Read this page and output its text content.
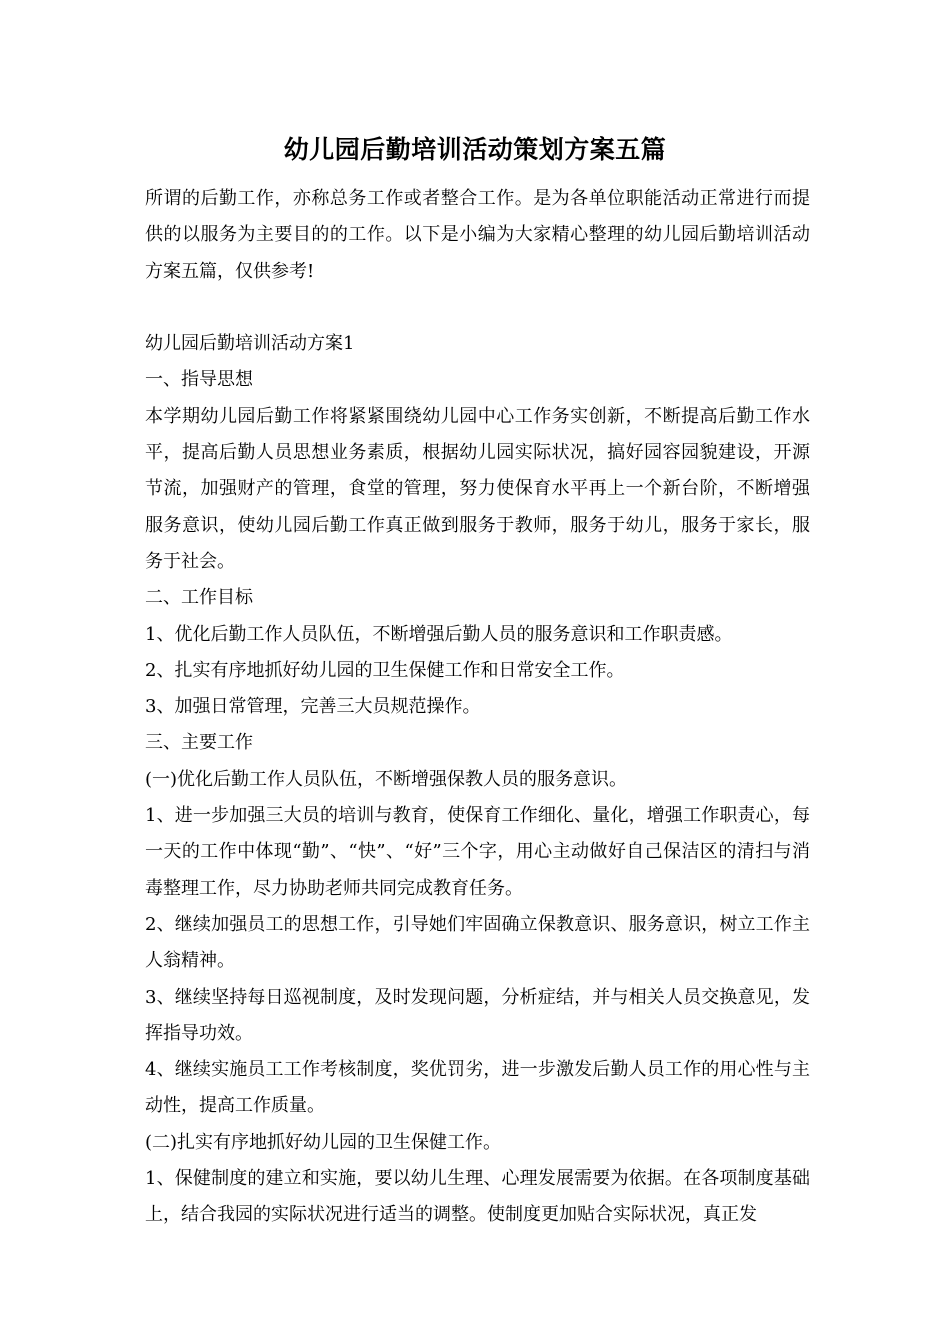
幼儿园后勤培训活动策划方案五篇

所谓的后勤工作，亦称总务工作或者整合工作。是为各单位职能活动正常进行而提供的以服务为主要目的的工作。以下是小编为大家精心整理的幼儿园后勤培训活动方案五篇，仅供参考!

幼儿园后勤培训活动方案1

一、指导思想

本学期幼儿园后勤工作将紧紧围绕幼儿园中心工作务实创新，不断提高后勤工作水平，提高后勤人员思想业务素质，根据幼儿园实际状况，搞好园容园貌建设，开源节流，加强财产的管理，食堂的管理，努力使保育水平再上一个新台阶，不断增强服务意识，使幼儿园后勤工作真正做到服务于教师，服务于幼儿，服务于家长，服务于社会。

二、工作目标

1、优化后勤工作人员队伍，不断增强后勤人员的服务意识和工作职责感。

2、扎实有序地抓好幼儿园的卫生保健工作和日常安全工作。

3、加强日常管理，完善三大员规范操作。

三、主要工作

(一)优化后勤工作人员队伍，不断增强保教人员的服务意识。

1、进一步加强三大员的培训与教育，使保育工作细化、量化，增强工作职责心，每一天的工作中体现“勤”、“快”、“好”三个字，用心主动做好自己保洁区的清扫与消毒整理工作，尽力协助老师共同完成教育任务。

2、继续加强员工的思想工作，引导她们牢固确立保教意识、服务意识，树立工作主人翁精神。

3、继续坚持每日巡视制度，及时发现问题，分析症结，并与相关人员交换意见，发挥指导功效。

4、继续实施员工工作考核制度，奖优罚劣，进一步激发后勤人员工作的用心性与主动性，提高工作质量。

(二)扎实有序地抓好幼儿园的卫生保健工作。

1、保健制度的建立和实施，要以幼儿生理、心理发展需要为依据。在各项制度基础上，结合我园的实际状况进行适当的调整。使制度更加贴合实际状况，真正发
